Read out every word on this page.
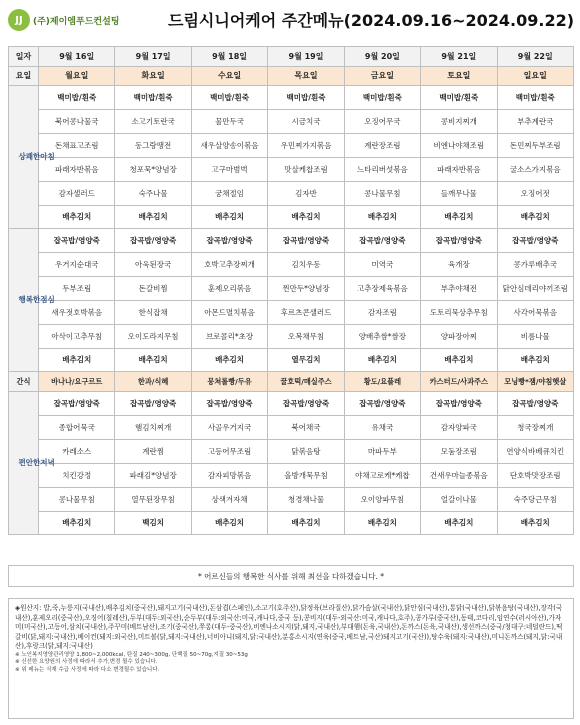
JJ	(주)제이엠푸드컨설팅	드림시니어케어 주간메뉴(2024.09.16~2024.09.22)
일자	9월 16일	9월 17일	9월 18일	9월 19일	9월 20일	9월 21일	9월 22일
요일	월요일	화요일	수요일	목요일	금요일	토요일	일요일

상쾌한아침	백미밥/흰죽	백미밥/흰죽	백미밥/흰죽	백미밥/흰죽	백미밥/흰죽	백미밥/흰죽	백미밥/흰죽
	북어콩나물국	소고기토란국	물만두국	시금치국	오징어무국	콩비지찌개	부추계란국
	돈채표고조림	동그랑땡전	새우살양송이볶음	우민찌가지볶음	계란장조림	비엔나야채조림	돈민찌두부조림
	파래자반볶음	청포묵*양념장	고구마범벅	맛살케찹조림	느타리버섯볶음	파래자반볶음	굴소스가지볶음
	감자샐러드	숙주나물	궁채절임	김자반	콩나물무침	들깨무나물	오징어젓
	배추김치	배추김치	배추김치	배추김치	배추김치	배추김치	배추김치

행복한점심	잡곡밥/영양죽	잡곡밥/영양죽	잡곡밥/영양죽	잡곡밥/영양죽	잡곡밥/영양죽	잡곡밥/영양죽	잡곡밥/영양죽
	우거지순대국	아욱된장국	호박고추장찌개	김치우동	미역국	육개장	콩가루배추국
	두부조림	돈갈비찜	훈제오리볶음	찐만두*양념장	고추장제육볶음	부추야채전	닭안심데리야끼조림
	새우젓호박볶음	한식잡채	아몬드멸치볶음	후르츠콘샐러드	감자조림	도토리묵상추무침	사각어묵볶음
	아삭이고추무침	오이도라지무침	브로콜리*초장	오복채무침	양배추쌈*쌈장	양파장아찌	비름나물
	배추김치	배추김치	배추김치	열무김치	배추김치	배추김치	배추김치
간식	바나나/요구르트	한과/식혜	뭉쳐롤빵/두유	꿀호떡/매실주스	황도/요플레	카스터드/사과주스	모닝빵*잼/야침햇살

편안한저녁	잡곡밥/영양죽	잡곡밥/영양죽	잡곡밥/영양죽	잡곡밥/영양죽	잡곡밥/영양죽	잡곡밥/영양죽	잡곡밥/영양죽
	종합어묵국	햄김치찌개	사골우거지국	북어채국	유채국	감자양파국	청국장찌개
	카레소스	계란찜	고등어무조림	닭볶음탕	마파두부	모둠장조림	연양식바베큐치킨
	치킨강정	파래김*양념장	감자피망볶음	올방개묵무침	야채고로케*케찹	건새우마늘종볶음	단호박맛장조림
	콩나물무침	열무된장무침	상색겨자채	청경채나물	오이양파무침	얼갈이나물	숙주당근무침
	배추김치	백김치	배추김치	배추김치	배추김치	배추김치	배추김치
* 어르신들의 행복한 식사를 위해 최선을 다하겠습니다. *
◈원산지: 밥,죽,누룽지(국내산),배추김치(중국산),돼지고기(국내산),돈삼겹(스페인),소고기(호주산),닭정육(브라질산),닭가슴살(국내산),닭안심(국내산),통닭(국내산),닭볶음탕(국내산),장각(국내산),훈제오리(중국산),오징어(칠레산),두부(대두:외국산),순두부(대두:외국산:미국,캐나다,중국 등),콩비지(대두-외국산:미국,캐나다,호주),콩가루(중국산),동태,코다리,임연수(러시아산),가자미(미국산),고등어,삼치(국내산),주꾸미(베트남산),조기(중국산),쭈롱(대두-중국산),비엔나소시지(닭,돼지,국내산),부대햄(돈육,국내산),돈까스(돈육,국내산),생선까스(중국/청대구:네덜란드),떡갈비(닭,돼지:국내산),베이컨(돼지:외국산),미트볼(닭,돼지:국내산),너비아니(돼지,닭:국내산),분홍소시지(연육(중국,베트남,국산)돼지고기(국산)),탕수육(돼지:국내산),미니돈까스(돼지,닭:국내산),후랑크(닭,돼지:국내산)
※ 노인복지영양관리영양 1,800~2,000kcal, 탄질 240~300g, 단백질 50~70g,지질 30~53g
※ 신선한 요양원의 사정에 따라서 추가,변경 될수 있습니다.
※ 위 메뉴는 식재 수급 사정에 따라 다소 변경될수 있습니다.
